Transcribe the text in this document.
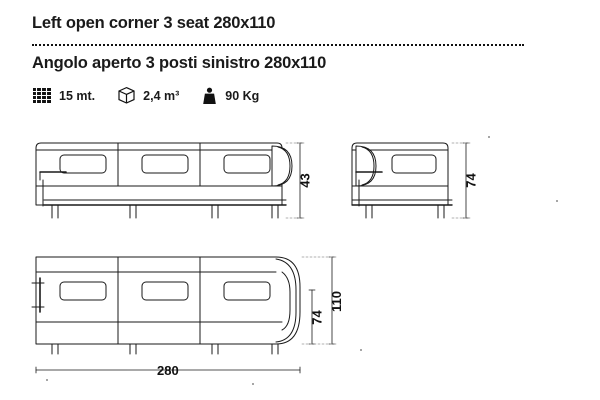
Left open corner 3 seat 280x110
Angolo aperto 3 posti sinistro 280x110
15 mt.	2,4 m³	90 Kg
43	74
74
110
280
